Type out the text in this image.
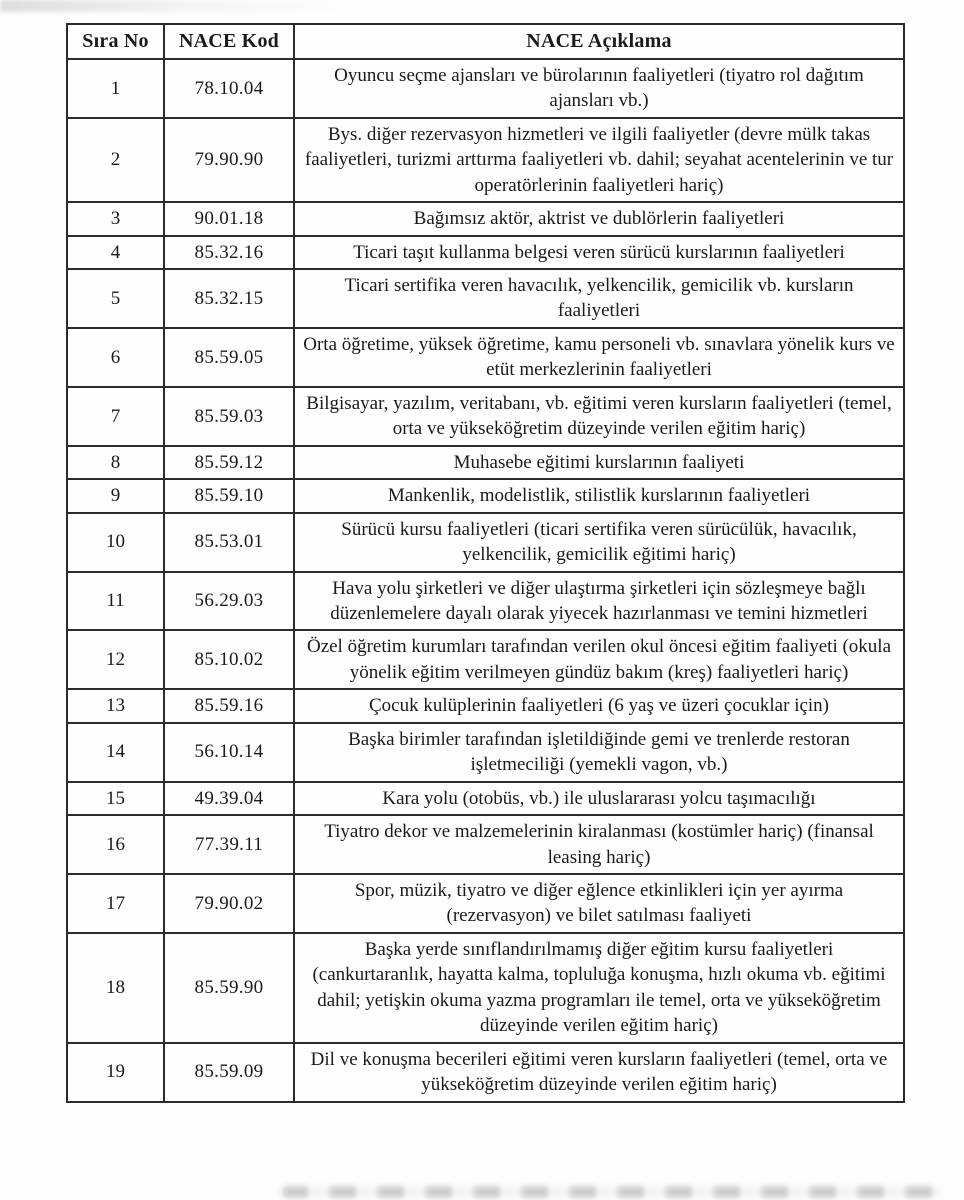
Sıra No	NACE Kod	NACE Açıklama
1	78.10.04	Oyuncu seçme ajansları ve bürolarının faaliyetleri (tiyatro rol dağıtım ajansları vb.)
2	79.90.90	Bys. diğer rezervasyon hizmetleri ve ilgili faaliyetler (devre mülk takas faaliyetleri, turizmi arttırma faaliyetleri vb. dahil; seyahat acentelerinin ve tur operatörlerinin faaliyetleri hariç)
3	90.01.18	Bağımsız aktör, aktrist ve dublörlerin faaliyetleri
4	85.32.16	Ticari taşıt kullanma belgesi veren sürücü kurslarının faaliyetleri
5	85.32.15	Ticari sertifika veren havacılık, yelkencilik, gemicilik vb. kursların faaliyetleri
6	85.59.05	Orta öğretime, yüksek öğretime, kamu personeli vb. sınavlara yönelik kurs ve etüt merkezlerinin faaliyetleri
7	85.59.03	Bilgisayar, yazılım, veritabanı, vb. eğitimi veren kursların faaliyetleri (temel, orta ve yükseköğretim düzeyinde verilen eğitim hariç)
8	85.59.12	Muhasebe eğitimi kurslarının faaliyeti
9	85.59.10	Mankenlik, modelistlik, stilistlik kurslarının faaliyetleri
10	85.53.01	Sürücü kursu faaliyetleri (ticari sertifika veren sürücülük, havacılık, yelkencilik, gemicilik eğitimi hariç)
11	56.29.03	Hava yolu şirketleri ve diğer ulaştırma şirketleri için sözleşmeye bağlı düzenlemelere dayalı olarak yiyecek hazırlanması ve temini hizmetleri
12	85.10.02	Özel öğretim kurumları tarafından verilen okul öncesi eğitim faaliyeti (okula yönelik eğitim verilmeyen gündüz bakım (kreş) faaliyetleri hariç)
13	85.59.16	Çocuk kulüplerinin faaliyetleri (6 yaş ve üzeri çocuklar için)
14	56.10.14	Başka birimler tarafından işletildiğinde gemi ve trenlerde restoran işletmeciliği (yemekli vagon, vb.)
15	49.39.04	Kara yolu (otobüs, vb.) ile uluslararası yolcu taşımacılığı
16	77.39.11	Tiyatro dekor ve malzemelerinin kiralanması (kostümler hariç) (finansal leasing hariç)
17	79.90.02	Spor, müzik, tiyatro ve diğer eğlence etkinlikleri için yer ayırma (rezervasyon) ve bilet satılması faaliyeti
18	85.59.90	Başka yerde sınıflandırılmamış diğer eğitim kursu faaliyetleri (cankurtaranlık, hayatta kalma, topluluğa konuşma, hızlı okuma vb. eğitimi dahil; yetişkin okuma yazma programları ile temel, orta ve yükseköğretim düzeyinde verilen eğitim hariç)
19	85.59.09	Dil ve konuşma becerileri eğitimi veren kursların faaliyetleri (temel, orta ve yükseköğretim düzeyinde verilen eğitim hariç)
